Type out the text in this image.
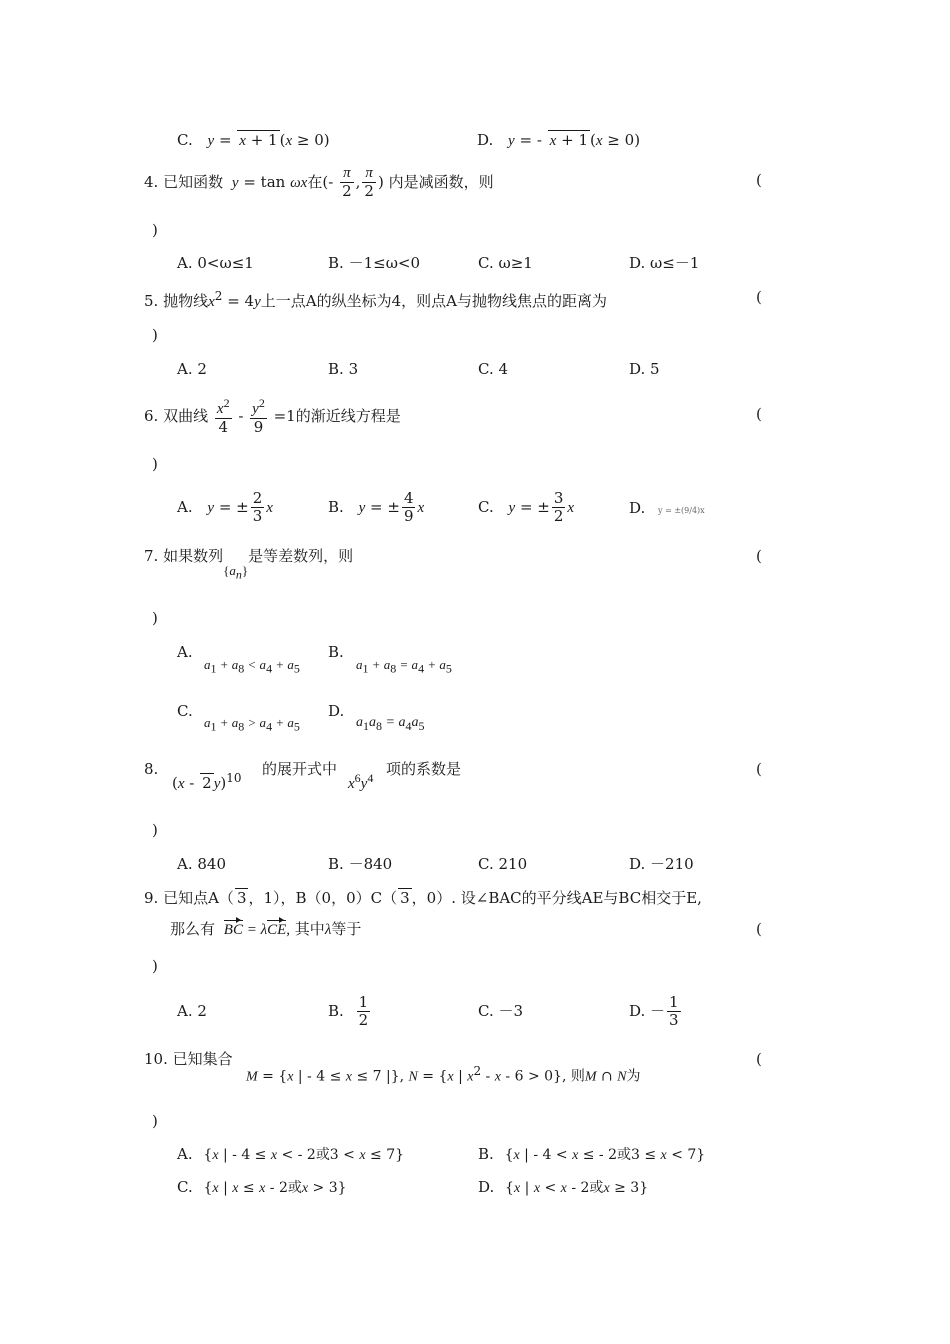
C. y = x + 1 (x ≥ 0)	D. y = - x + 1 (x ≥ 0)
4. 已知函数 y = tan ωx在(- $\frac{\pi}{2}$ , $\frac{\pi}{2}$ ) 内是减函数，则	(
)
A. 0<ω≤1	B. －1≤ω<0	C. ω≥1	D. ω≤－1
5. 抛物线$x^2 = 4y$上一点A的纵坐标为4，则点A与抛物线焦点的距离为	(
)
A. 2	B. 3	C. 4	D. 5
6. 双曲线 $\frac{x^2}{4} - \frac{y^2}{9} =1$的渐近线方程是	(
)
A. y = ± $\frac{2}{3}$ x	B. y = ± $\frac{4}{9}$ x	C. y = ± $\frac{3}{2}$ x	D. y = ±(9/4)x
7. 如果数列$\{a_n\}$是等差数列，则	(
)
A.
$a_1 + a_8 < a_4 + a_5$
B.
$a_1 + a_8 = a_4 + a_5$
C.
$a_1 + a_8 > a_4 + a_5$
D.
$a_1a_8 = a_4a_5$
8.
(x - 2 y)$^{10}$ 的展开式中
$x^6y^4$ 项的系数是	(
)
A. 840	B. －840	C. 210	D. －210
9. 已知点A（ 3 ，1），B（0，0）C（ 3 ，0）. 设∠BAC的平分线AE与BC相交于E,
那么有 BC = λCE, 其中λ等于	(
)
A. 2	B. $\frac{1}{2}$	C. －3	D. － $\frac{1}{3}$
10. 已知集合
M = {x | - 4 ≤ x ≤ 7 |}, N = {x | $x^2 - x - 6 > 0$}, 则M ∩ N为
(
)
A. {x | - 4 ≤ x < - 2或3 < x ≤ 7}	B. {x | - 4 < x ≤ - 2或3 ≤ x < 7}
C. {x | x ≤ x - 2或x > 3}	D. {x | x < x - 2或x ≥ 3}
